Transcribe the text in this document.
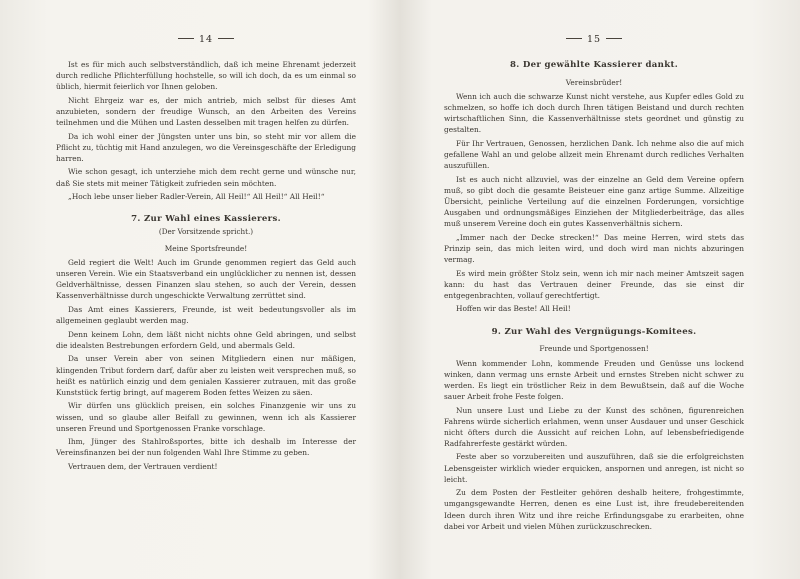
14

Ist es für mich auch selbstverständlich, daß ich meine Ehrenamt jederzeit durch redliche Pflichterfüllung hochstelle, so will ich doch, da es um einmal so üblich, hiermit feierlich vor Ihnen geloben.

Nicht Ehrgeiz war es, der mich antrieb, mich selbst für dieses Amt anzubieten, sondern der freudige Wunsch, an den Arbeiten des Vereins teilnehmen und die Mühen und Lasten desselben mit tragen helfen zu dürfen.

Da ich wohl einer der Jüngsten unter uns bin, so steht mir vor allem die Pflicht zu, tüchtig mit Hand anzulegen, wo die Vereinsgeschäfte der Erledigung harren.

Wie schon gesagt, ich unterziehe mich dem recht gerne und wünsche nur, daß Sie stets mit meiner Tätigkeit zufrieden sein möchten.

„Hoch lebe unser lieber Radler-Verein, All Heil!“ All Heil!“ All Heil!“

7. Zur Wahl eines Kassierers.
(Der Vorsitzende spricht.)
Meine Sportsfreunde!

Geld regiert die Welt! Auch im Grunde genommen regiert das Geld auch unseren Verein. Wie ein Staatsverband ein unglücklicher zu nennen ist, dessen Geldverhältnisse, dessen Finanzen slau stehen, so auch der Verein, dessen Kassenverhältnisse durch ungeschickte Verwaltung zerrüttet sind.

Das Amt eines Kassierers, Freunde, ist weit bedeutungsvoller als im allgemeinen geglaubt werden mag.

Denn keinem Lohn, dem läßt nicht nichts ohne Geld abringen, und selbst die idealsten Bestrebungen erfordern Geld, und abermals Geld.

Da unser Verein aber von seinen Mitgliedern einen nur mäßigen, klingenden Tribut fordern darf, dafür aber zu leisten weit versprechen muß, so heißt es natürlich einzig und dem genialen Kassierer zutrauen, mit das große Kunststück fertig bringt, auf magerem Boden fettes Weizen zu säen.

Wir dürfen uns glücklich preisen, ein solches Finanzgenie wir uns zu wissen, und so glaube aller Beifall zu gewinnen, wenn ich als Kassierer unseren Freund und Sportgenossen Franke vorschlage.

Ihm, Jünger des Stahlroßsportes, bitte ich deshalb im Interesse der Vereinsfinanzen bei der nun folgenden Wahl Ihre Stimme zu geben.

Vertrauen dem, der Vertrauen verdient!

15
8. Der gewählte Kassierer dankt.
Vereinsbrüder!

Wenn ich auch die schwarze Kunst nicht verstehe, aus Kupfer edles Gold zu schmelzen, so hoffe ich doch durch Ihren tätigen Beistand und durch rechten wirtschaftlichen Sinn, die Kassenverhältnisse stets geordnet und günstig zu gestalten.

Für Ihr Vertrauen, Genossen, herzlichen Dank. Ich nehme also die auf mich gefallene Wahl an und gelobe allzeit mein Ehrenamt durch redliches Verhalten auszufüllen.

Ist es auch nicht allzuviel, was der einzelne an Geld dem Vereine opfern muß, so gibt doch die gesamte Beisteuer eine ganz artige Summe. Allzeitige Übersicht, peinliche Verteilung auf die einzelnen Forderungen, vorsichtige Ausgaben und ordnungsmäßiges Einziehen der Mitgliederbeiträge, das alles muß unserem Vereine doch ein gutes Kassenverhältnis sichern.

„Immer nach der Decke strecken!“ Das meine Herren, wird stets das Prinzip sein, das mich leiten wird, und doch wird man nichts abzuringen vermag.

Es wird mein größter Stolz sein, wenn ich mir nach meiner Amtszeit sagen kann: du hast das Vertrauen deiner Freunde, das sie einst dir entgegenbrachten, vollauf gerechtfertigt.

Hoffen wir das Beste! All Heil!

9. Zur Wahl des Vergnügungs-Komitees.
Freunde und Sportgenossen!

Wenn kommender Lohn, kommende Freuden und Genüsse uns lockend winken, dann vermag uns ernste Arbeit und ernstes Streben nicht schwer zu werden. Es liegt ein tröstlicher Reiz in dem Bewußtsein, daß auf die Woche sauer Arbeit frohe Feste folgen.

Nun unsere Lust und Liebe zu der Kunst des schönen, figurenreichen Fahrens würde sicherlich erlahmen, wenn unser Ausdauer und unser Geschick nicht öfters durch die Aussicht auf reichen Lohn, auf lebensbefriedigende Radfahrerfeste gestärkt würden.

Feste aber so vorzubereiten und auszuführen, daß sie die erfolgreichsten Lebensgeister wirklich wieder erquicken, anspornen und anregen, ist nicht so leicht.

Zu dem Posten der Festleiter gehören deshalb heitere, frohgestimmte, umgangsgewandte Herren, denen es eine Lust ist, ihre freudebereitenden Ideen durch ihren Witz und ihre reiche Erfindungsgabe zu erarbeiten, ohne dabei vor Arbeit und vielen Mühen zurückzuschrecken.
